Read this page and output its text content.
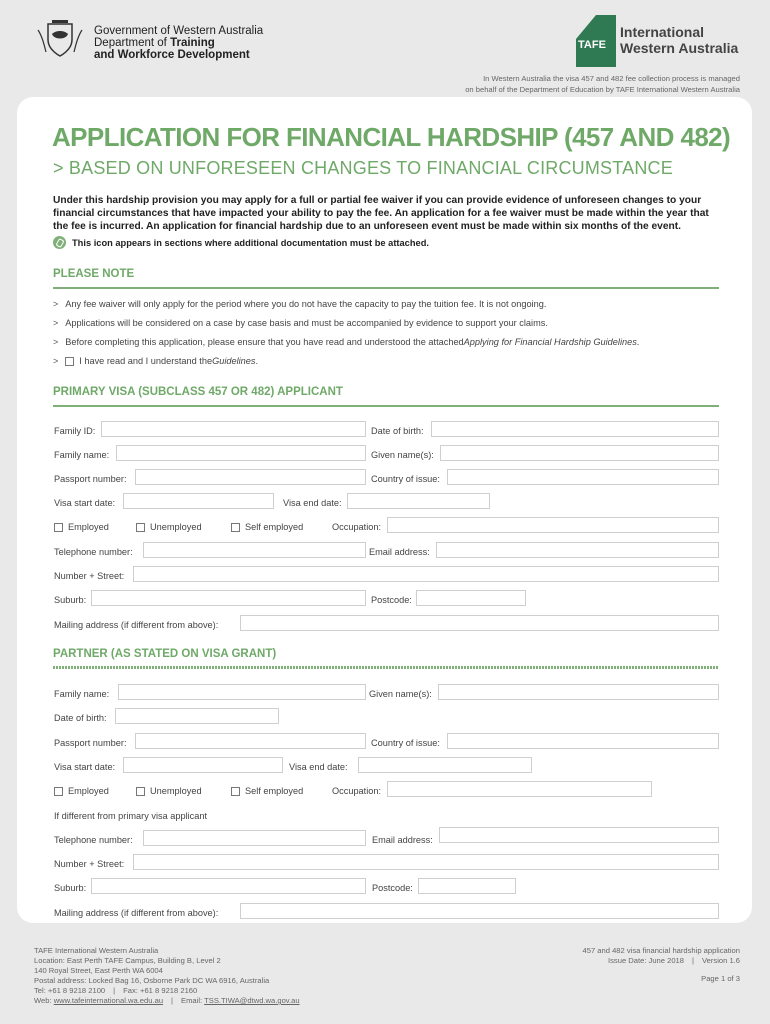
Government of Western Australia
Department of Training
and Workforce Development
TAFE
International
Western Australia
In Western Australia the visa 457 and 482 fee collection process is managed
on behalf of the Department of Education by TAFE International Western Australia
APPLICATION FOR FINANCIAL HARDSHIP (457 AND 482)
> BASED ON UNFORESEEN CHANGES TO FINANCIAL CIRCUMSTANCE
Under this hardship provision you may apply for a full or partial fee waiver if you can provide evidence of unforeseen changes to your financial circumstances that have impacted your ability to pay the fee. An application for a fee waiver must be made within the year that the fee is incurred. An application for financial hardship due to an unforeseen event must be made within six months of the event.
This icon appears in sections where additional documentation must be attached.
PLEASE NOTE
> Any fee waiver will only apply for the period where you do not have the capacity to pay the tuition fee. It is not ongoing.
> Applications will be considered on a case by case basis and must be accompanied by evidence to support your claims.
> Before completing this application, please ensure that you have read and understood the attached Applying for Financial Hardship Guidelines .
> I have read and I understand the Guidelines .
PRIMARY VISA (SUBCLASS 457 OR 482) APPLICANT
Family ID:	Date of birth:
Family name:	Given name(s):
Passport number:	Country of issue:
Visa start date:	Visa end date:
Employed	Unemployed	Self employed	Occupation:
Telephone number:	Email address:
Number + Street:
Suburb:	Postcode:
Mailing address (if different from above):
PARTNER (AS STATED ON VISA GRANT)
Family name:	Given name(s):
Date of birth:
Passport number:	Country of issue:
Visa start date:	Visa end date:
Employed	Unemployed	Self employed	Occupation:
If different from primary visa applicant
Telephone number:	Email address:
Number + Street:
Suburb:	Postcode:
Mailing address (if different from above):
TAFE International Western Australia
Location: East Perth TAFE Campus, Building B, Level 2
140 Royal Street, East Perth WA 6004
Postal address: Locked Bag 16, Osborne Park DC WA 6916, Australia
Tel: +61 8 9218 2100 | Fax: +61 8 9218 2160
Web: www.tafeinternational.wa.edu.au | Email: TSS.TIWA@dtwd.wa.gov.au
457 and 482 visa financial hardship application
Issue Date: June 2018 | Version 1.6
Page 1 of 3
